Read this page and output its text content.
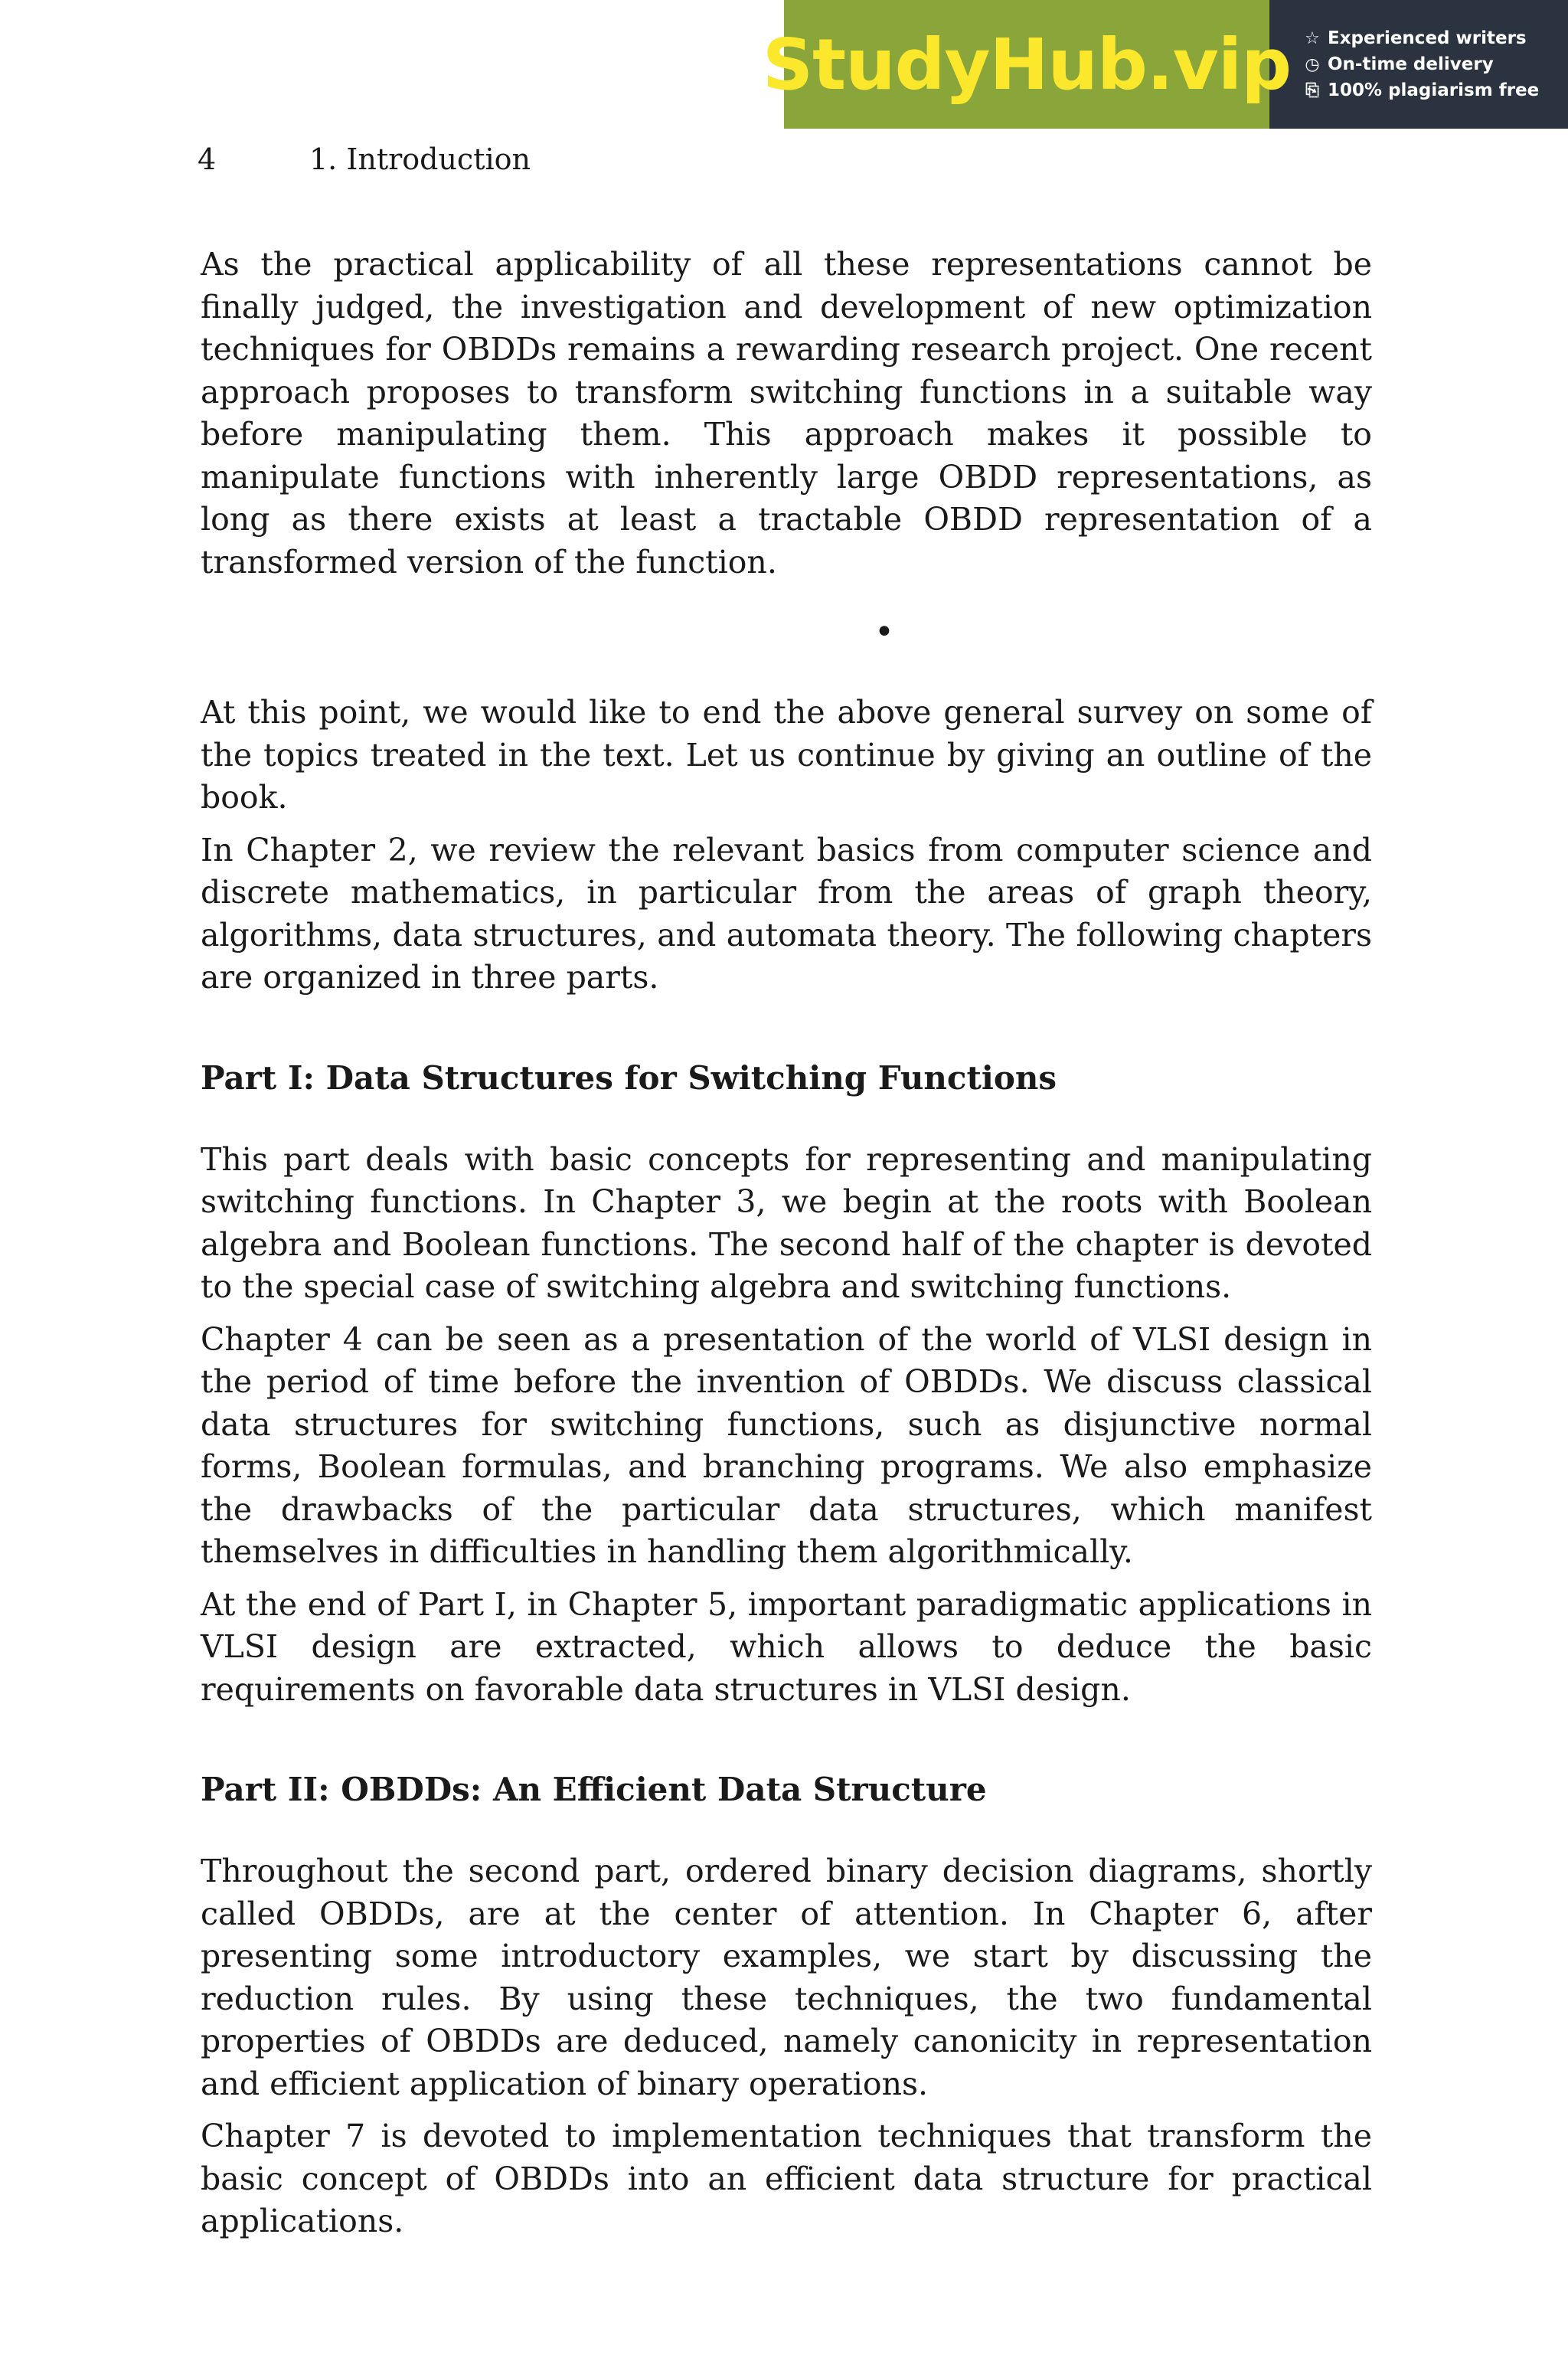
StudyHub.vip ☆ Experienced writers
◷ On-time delivery
⎘ 100% plagiarism free
4	1. Introduction

As the practical applicability of all these representations cannot be finally judged, the investigation and development of new optimization techniques for OBDDs remains a rewarding research project. One recent approach proposes to transform switching functions in a suitable way before manipulating them. This approach makes it possible to manipulate functions with inherently large OBDD representations, as long as there exists at least a tractable OBDD representation of a transformed version of the function.

•

At this point, we would like to end the above general survey on some of the topics treated in the text. Let us continue by giving an outline of the book.

In Chapter 2, we review the relevant basics from computer science and discrete mathematics, in particular from the areas of graph theory, algorithms, data structures, and automata theory. The following chapters are organized in three parts.

Part I: Data Structures for Switching Functions

This part deals with basic concepts for representing and manipulating switching functions. In Chapter 3, we begin at the roots with Boolean algebra and Boolean functions. The second half of the chapter is devoted to the special case of switching algebra and switching functions.

Chapter 4 can be seen as a presentation of the world of VLSI design in the period of time before the invention of OBDDs. We discuss classical data structures for switching functions, such as disjunctive normal forms, Boolean formulas, and branching programs. We also emphasize the drawbacks of the particular data structures, which manifest themselves in difficulties in handling them algorithmically.

At the end of Part I, in Chapter 5, important paradigmatic applications in VLSI design are extracted, which allows to deduce the basic requirements on favorable data structures in VLSI design.

Part II: OBDDs: An Efficient Data Structure

Throughout the second part, ordered binary decision diagrams, shortly called OBDDs, are at the center of attention. In Chapter 6, after presenting some introductory examples, we start by discussing the reduction rules. By using these techniques, the two fundamental properties of OBDDs are deduced, namely canonicity in representation and efficient application of binary operations.

Chapter 7 is devoted to implementation techniques that transform the basic concept of OBDDs into an efficient data structure for practical applications.
